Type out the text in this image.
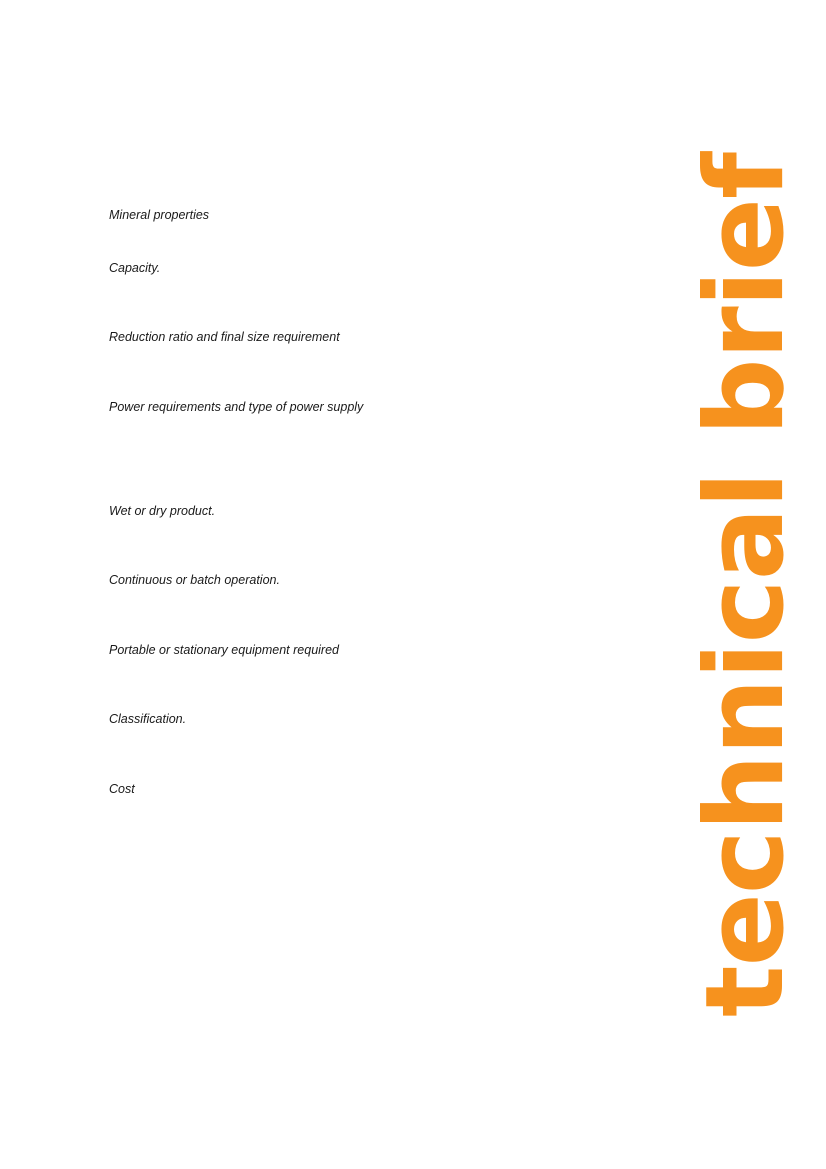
Mineral properties
Capacity.
Reduction ratio and final size requirement
Power requirements and type of power supply
Wet or dry product.
Continuous or batch operation.
Portable or stationary equipment required
Classification.
Cost	technical brief
